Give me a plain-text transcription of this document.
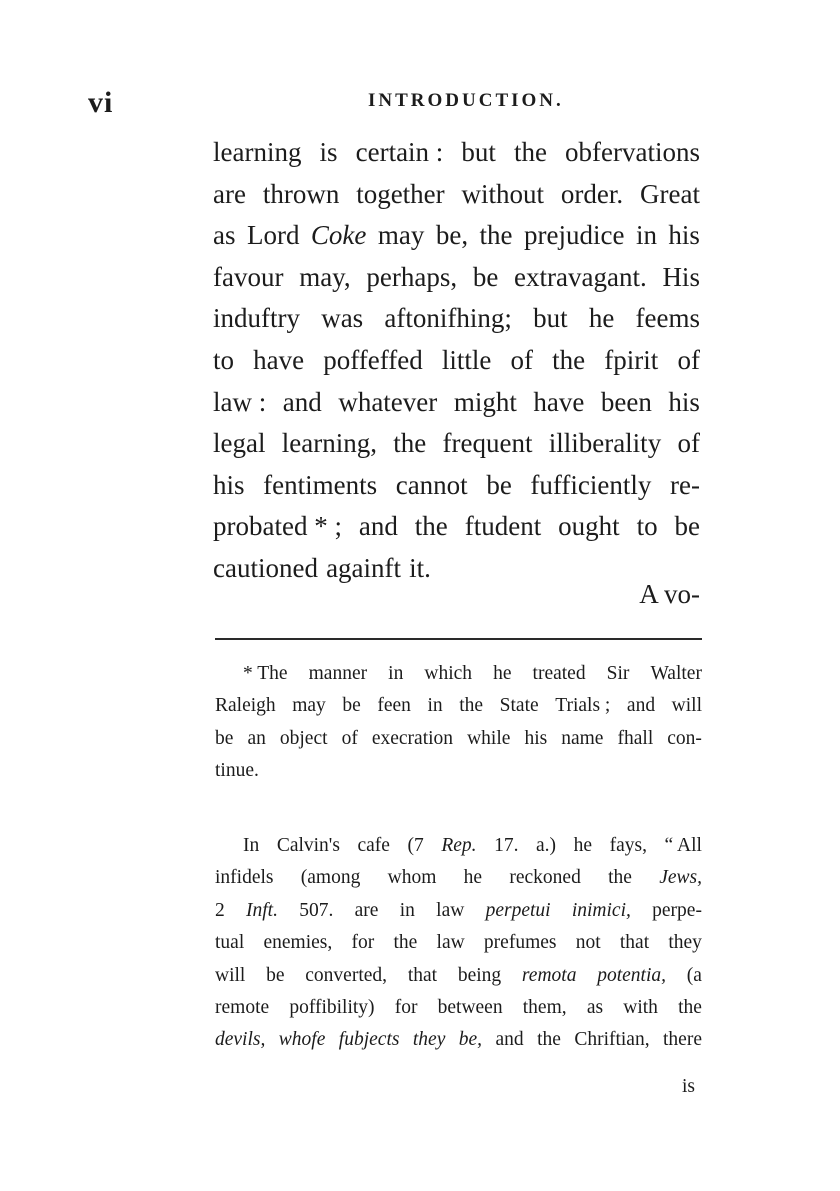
vi	INTRODUCTION.
learning is certain : but the obfervations
are thrown together without order. Great
as Lord Coke may be, the prejudice in his
favour may, perhaps, be extravagant. His
induftry was aftonifhing; but he feems
to have poffeffed little of the fpirit of
law : and whatever might have been his
legal learning, the frequent illiberality of
his fentiments cannot be fufficiently re-
probated * ; and the ftudent ought to be
cautioned againft it.
A vo-
* The manner in which he treated Sir Walter
Raleigh may be feen in the State Trials ; and will
be an object of execration while his name fhall con-
tinue.
In Calvin's cafe (7 Rep. 17. a.) he fays, “ All
infidels (among whom he reckoned the Jews,
2 Inft. 507. are in law perpetui inimici, perpe-
tual enemies, for the law prefumes not that they
will be converted, that being remota potentia, (a
remote poffibility) for between them, as with the
devils, whofe fubjects they be, and the Chriftian, there
is
